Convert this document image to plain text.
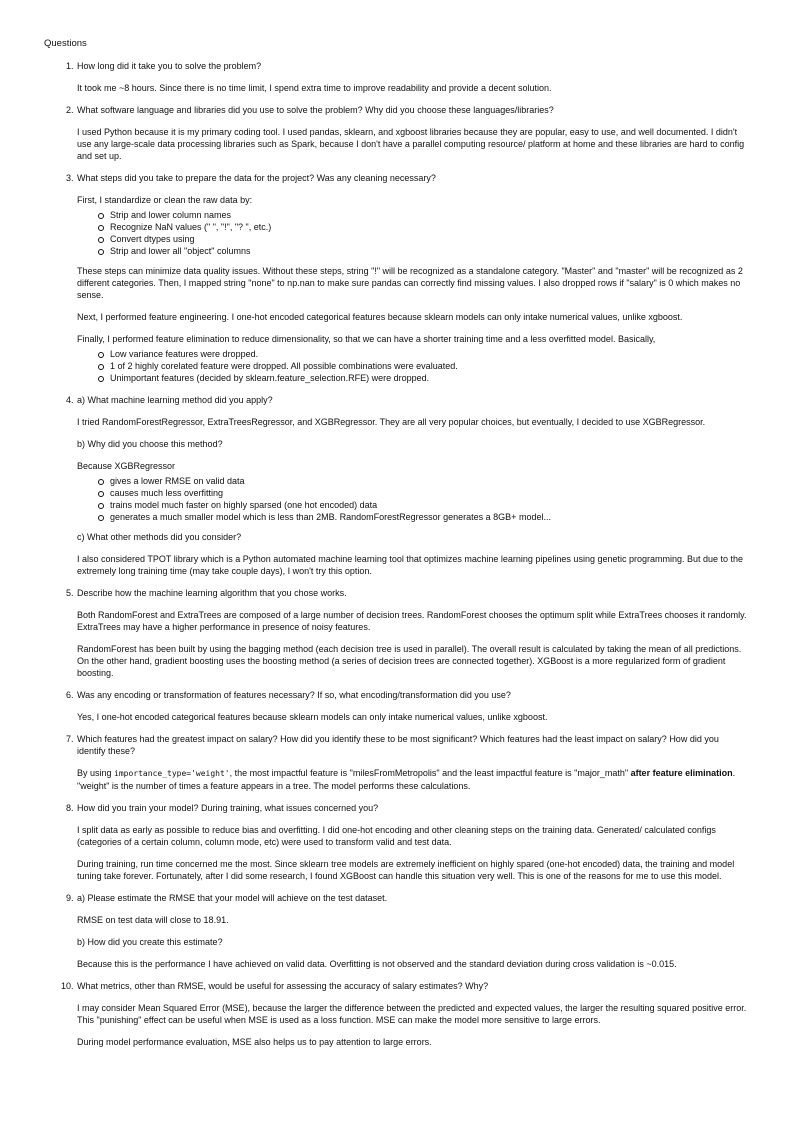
Questions
1. How long did it take you to solve the problem?
It took me ~8 hours. Since there is no time limit, I spend extra time to improve readability and provide a decent solution.
2. What software language and libraries did you use to solve the problem? Why did you choose these languages/libraries?
I used Python because it is my primary coding tool. I used pandas, sklearn, and xgboost libraries because they are popular, easy to use, and well documented. I didn't use any large-scale data processing libraries such as Spark, because I don't have a parallel computing resource/ platform at home and these libraries are hard to config and set up.
3. What steps did you take to prepare the data for the project? Was any cleaning necessary?
First, I standardize or clean the raw data by:
Strip and lower column names
Recognize NaN values (" ", "!", "? ", etc.)
Convert dtypes using
Strip and lower all "object" columns
These steps can minimize data quality issues. Without these steps, string "!" will be recognized as a standalone category. "Master" and "master" will be recognized as 2 different categories. Then, I mapped string "none" to np.nan to make sure pandas can correctly find missing values. I also dropped rows if "salary" is 0 which makes no sense.
Next, I performed feature engineering. I one-hot encoded categorical features because sklearn models can only intake numerical values, unlike xgboost.
Finally, I performed feature elimination to reduce dimensionality, so that we can have a shorter training time and a less overfitted model. Basically,
Low variance features were dropped.
1 of 2 highly corelated feature were dropped. All possible combinations were evaluated.
Unimportant features (decided by sklearn.feature_selection.RFE) were dropped.
4. a) What machine learning method did you apply?
I tried RandomForestRegressor, ExtraTreesRegressor, and XGBRegressor. They are all very popular choices, but eventually, I decided to use XGBRegressor.
b) Why did you choose this method?
Because XGBRegressor
gives a lower RMSE on valid data
causes much less overfitting
trains model much faster on highly sparsed (one hot encoded) data
generates a much smaller model which is less than 2MB. RandomForestRegressor generates a 8GB+ model...
c) What other methods did you consider?
I also considered TPOT library which is a Python automated machine learning tool that optimizes machine learning pipelines using genetic programming. But due to the extremely long training time (may take couple days), I won't try this option.
5. Describe how the machine learning algorithm that you chose works.
Both RandomForest and ExtraTrees are composed of a large number of decision trees. RandomForest chooses the optimum split while ExtraTrees chooses it randomly. ExtraTrees may have a higher performance in presence of noisy features.
RandomForest has been built by using the bagging method (each decision tree is used in parallel). The overall result is calculated by taking the mean of all predictions. On the other hand, gradient boosting uses the boosting method (a series of decision trees are connected together). XGBoost is a more regularized form of gradient boosting.
6. Was any encoding or transformation of features necessary? If so, what encoding/transformation did you use?
Yes, I one-hot encoded categorical features because sklearn models can only intake numerical values, unlike xgboost.
7. Which features had the greatest impact on salary? How did you identify these to be most significant? Which features had the least impact on salary? How did you identify these?
By using importance_type='weight', the most impactful feature is "milesFromMetropolis" and the least impactful feature is "major_math" after feature elimination. "weight" is the number of times a feature appears in a tree. The model performs these calculations.
8. How did you train your model? During training, what issues concerned you?
I split data as early as possible to reduce bias and overfitting. I did one-hot encoding and other cleaning steps on the training data. Generated/ calculated configs (categories of a certain column, column mode, etc) were used to transform valid and test data.
During training, run time concerned me the most. Since sklearn tree models are extremely inefficient on highly spared (one-hot encoded) data, the training and model tuning take forever. Fortunately, after I did some research, I found XGBoost can handle this situation very well. This is one of the reasons for me to use this model.
9. a) Please estimate the RMSE that your model will achieve on the test dataset.
RMSE on test data will close to 18.91.
b) How did you create this estimate?
Because this is the performance I have achieved on valid data. Overfitting is not observed and the standard deviation during cross validation is ~0.015.
10. What metrics, other than RMSE, would be useful for assessing the accuracy of salary estimates? Why?
I may consider Mean Squared Error (MSE), because the larger the difference between the predicted and expected values, the larger the resulting squared positive error. This "punishing" effect can be useful when MSE is used as a loss function. MSE can make the model more sensitive to large errors.
During model performance evaluation, MSE also helps us to pay attention to large errors.
